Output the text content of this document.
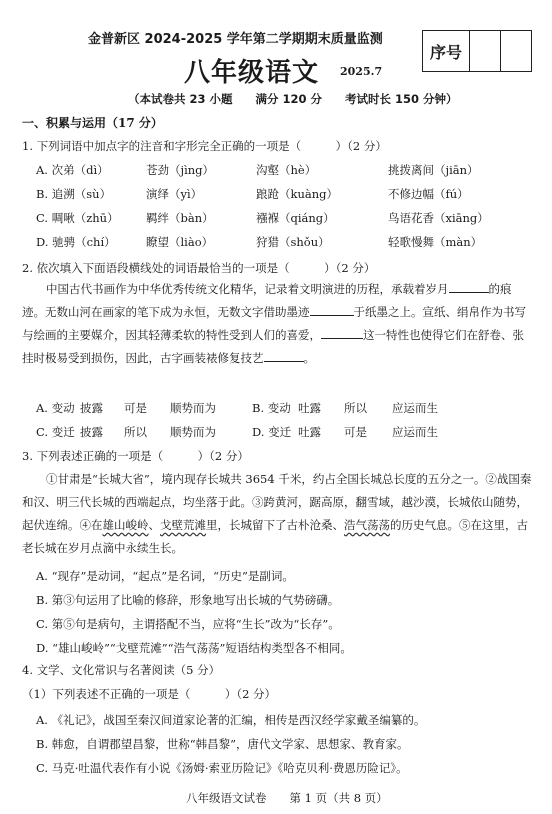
金普新区 2024-2025 学年第二学期期末质量监测
序号
八年级语文 2025.7
（本试卷共 23 小题　　满分 120 分　　考试时长 150 分钟）
一、积累与运用（17 分）
1. 下列词语中加点字的注音和字形完全正确的一项是（　　　）（2 分）
A. 次弟（dì）	苍劲（jìng）	沟壑（hè）	挑拨离间（jiān）
B. 追溯（sù）	演绎（yì）	踉跄（kuàng）	不修边幅（fú）
C. 啁啾（zhū） 羁绊（bàn）	襁褓（qiáng）	鸟语花香（xiāng）
D. 驰骋（chí）	瞭望（liào）	狩猎（shǒu）	轻歌慢舞（màn）
2. 依次填入下面语段横线处的词语最恰当的一项是（　　　）（2 分）
中国古代书画作为中华优秀传统文化精华，记录着文明演进的历程，承载着岁月	的痕迹。无数山河在画家的笔下成为永恒，无数文字借助墨迹	于纸墨之上。宣纸、绢帛作为书写与绘画的主要媒介，因其轻薄柔软的特性受到人们的喜爱，	这一特性也使得它们在舒卷、张挂时极易受到损伤，因此，古字画装裱修复技艺	。
A. 变动 披露 可是 顺势而为	B. 变动 吐露 所以 应运而生
C. 变迁 披露 所以 顺势而为	D. 变迁 吐露 可是 应运而生
3. 下列表述正确的一项是（　　　）（2 分）
①甘肃是“长城大省”，境内现存长城共 3654 千米，约占全国长城总长度的五分之一。②战国秦和汉、明三代长城的西端起点，均坐落于此。③跨黄河，踞高原，翻雪域，越沙漠，长城依山随势，起伏连绵。④在雄山峻岭、戈壁荒滩里，长城留下了古朴沧桑、浩气荡荡的历史气息。⑤在这里，古老长城在岁月点滴中永续生长。
A. “现存”是动词，“起点”是名词，“历史”是副词。
B. 第③句运用了比喻的修辞，形象地写出长城的气势磅礴。
C. 第⑤句是病句，主谓搭配不当，应将“生长”改为“长存”。
D. “雄山峻岭”“戈壁荒滩”“浩气荡荡”短语结构类型各不相同。
4. 文学、文化常识与名著阅读（5 分）
（1）下列表述不正确的一项是（　　　）（2 分）
A. 《礼记》，战国至秦汉间道家论著的汇编，相传是西汉经学家戴圣编纂的。
B. 韩愈，自谓郡望昌黎，世称“韩昌黎”，唐代文学家、思想家、教育家。
C. 马克·吐温代表作有小说《汤姆·索亚历险记》《哈克贝利·费恩历险记》。
八年级语文试卷　　第 1 页（共 8 页）
